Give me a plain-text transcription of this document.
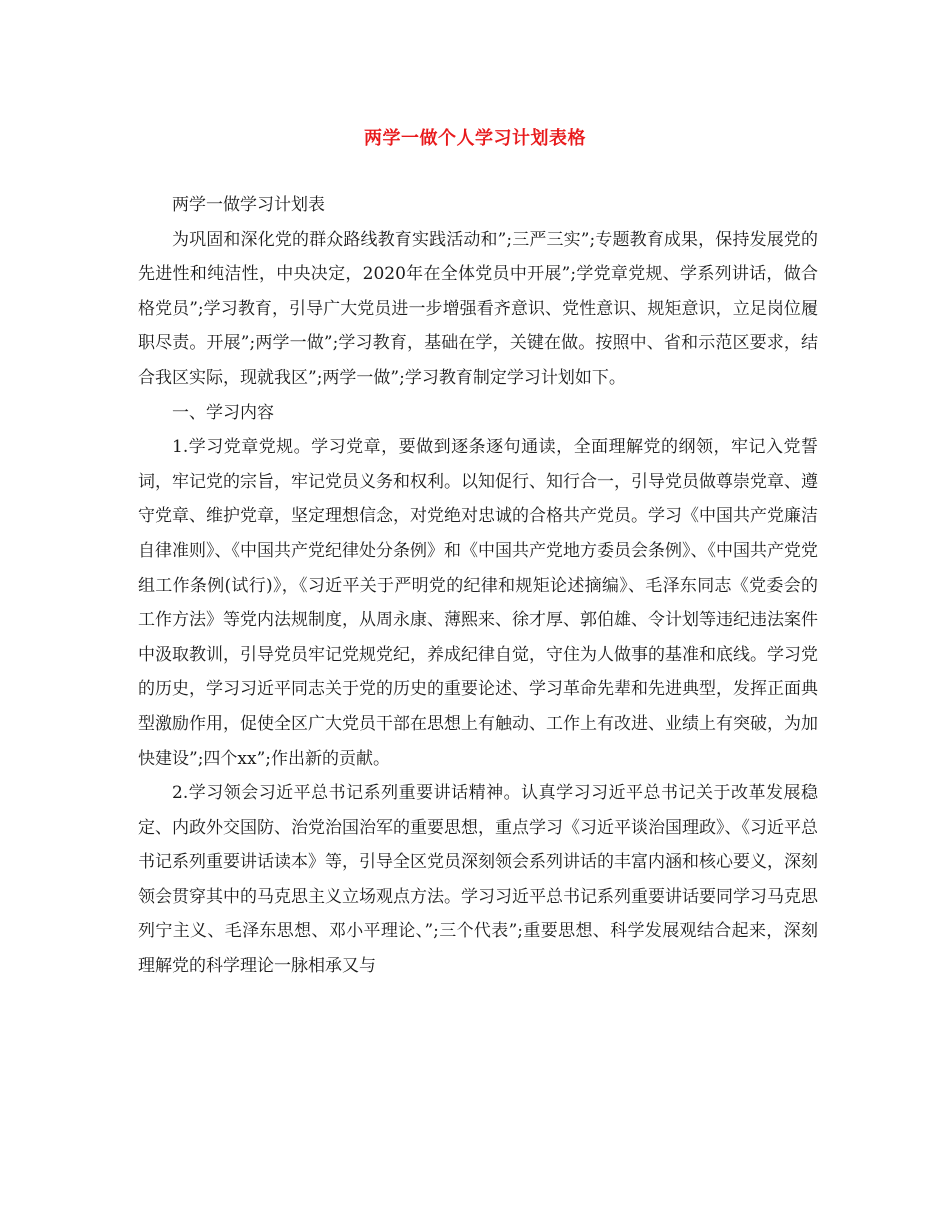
两学一做个人学习计划表格

两学一做学习计划表

为巩固和深化党的群众路线教育实践活动和”;三严三实”;专题教育成果，保持发展党的先进性和纯洁性，中央决定，2020年在全体党员中开展”;学党章党规、学系列讲话，做合格党员”;学习教育，引导广大党员进一步增强看齐意识、党性意识、规矩意识，立足岗位履职尽责。开展”;两学一做”;学习教育，基础在学，关键在做。按照中、省和示范区要求，结合我区实际，现就我区”;两学一做”;学习教育制定学习计划如下。

一、学习内容

1.学习党章党规。学习党章，要做到逐条逐句通读，全面理解党的纲领，牢记入党誓词，牢记党的宗旨，牢记党员义务和权利。以知促行、知行合一，引导党员做尊崇党章、遵守党章、维护党章，坚定理想信念，对党绝对忠诚的合格共产党员。学习《中国共产党廉洁自律准则》、《中国共产党纪律处分条例》和《中国共产党地方委员会条例》、《中国共产党党组工作条例(试行)》，《习近平关于严明党的纪律和规矩论述摘编》、毛泽东同志《党委会的工作方法》等党内法规制度，从周永康、薄熙来、徐才厚、郭伯雄、令计划等违纪违法案件中汲取教训，引导党员牢记党规党纪，养成纪律自觉，守住为人做事的基准和底线。学习党的历史，学习习近平同志关于党的历史的重要论述、学习革命先辈和先进典型，发挥正面典型激励作用，促使全区广大党员干部在思想上有触动、工作上有改进、业绩上有突破，为加快建设”;四个xx”;作出新的贡献。

2.学习领会习近平总书记系列重要讲话精神。认真学习习近平总书记关于改革发展稳定、内政外交国防、治党治国治军的重要思想，重点学习《习近平谈治国理政》、《习近平总书记系列重要讲话读本》等，引导全区党员深刻领会系列讲话的丰富内涵和核心要义，深刻领会贯穿其中的马克思主义立场观点方法。学习习近平总书记系列重要讲话要同学习马克思列宁主义、毛泽东思想、邓小平理论、”;三个代表”;重要思想、科学发展观结合起来，深刻理解党的科学理论一脉相承又与
